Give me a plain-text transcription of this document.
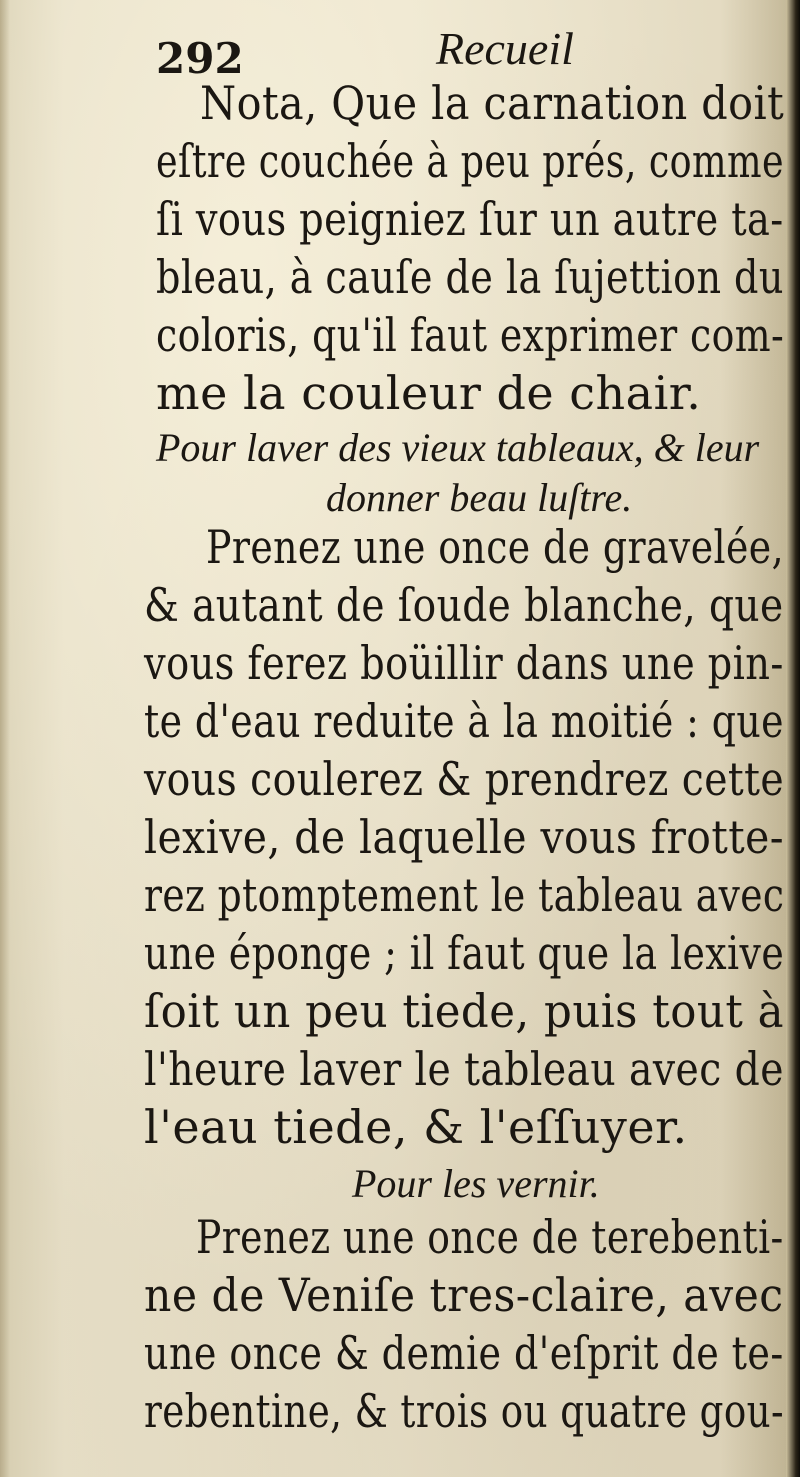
292	Recueil
Nota, Que la carnation doit
eſtre couchée à peu prés, comme
ſi vous peigniez ſur un autre ta-
bleau, à cauſe de la ſujettion du
coloris, qu'il faut exprimer com-
me la couleur de chair.
Pour laver des vieux tableaux, & leur
donner beau luſtre.
Prenez une once de gravelée,
& autant de ſoude blanche, que
vous ferez boüillir dans une pin-
te d'eau reduite à la moitié : que
vous coulerez & prendrez cette
lexive, de laquelle vous frotte-
rez ptomptement le tableau avec
une éponge ; il faut que la lexive
ſoit un peu tiede, puis tout à
l'heure laver le tableau avec de
l'eau tiede, & l'eſſuyer.
Pour les vernir.
Prenez une once de terebenti-
ne de Veniſe tres-claire, avec
une once & demie d'eſprit de te-
rebentine, & trois ou quatre gou-
